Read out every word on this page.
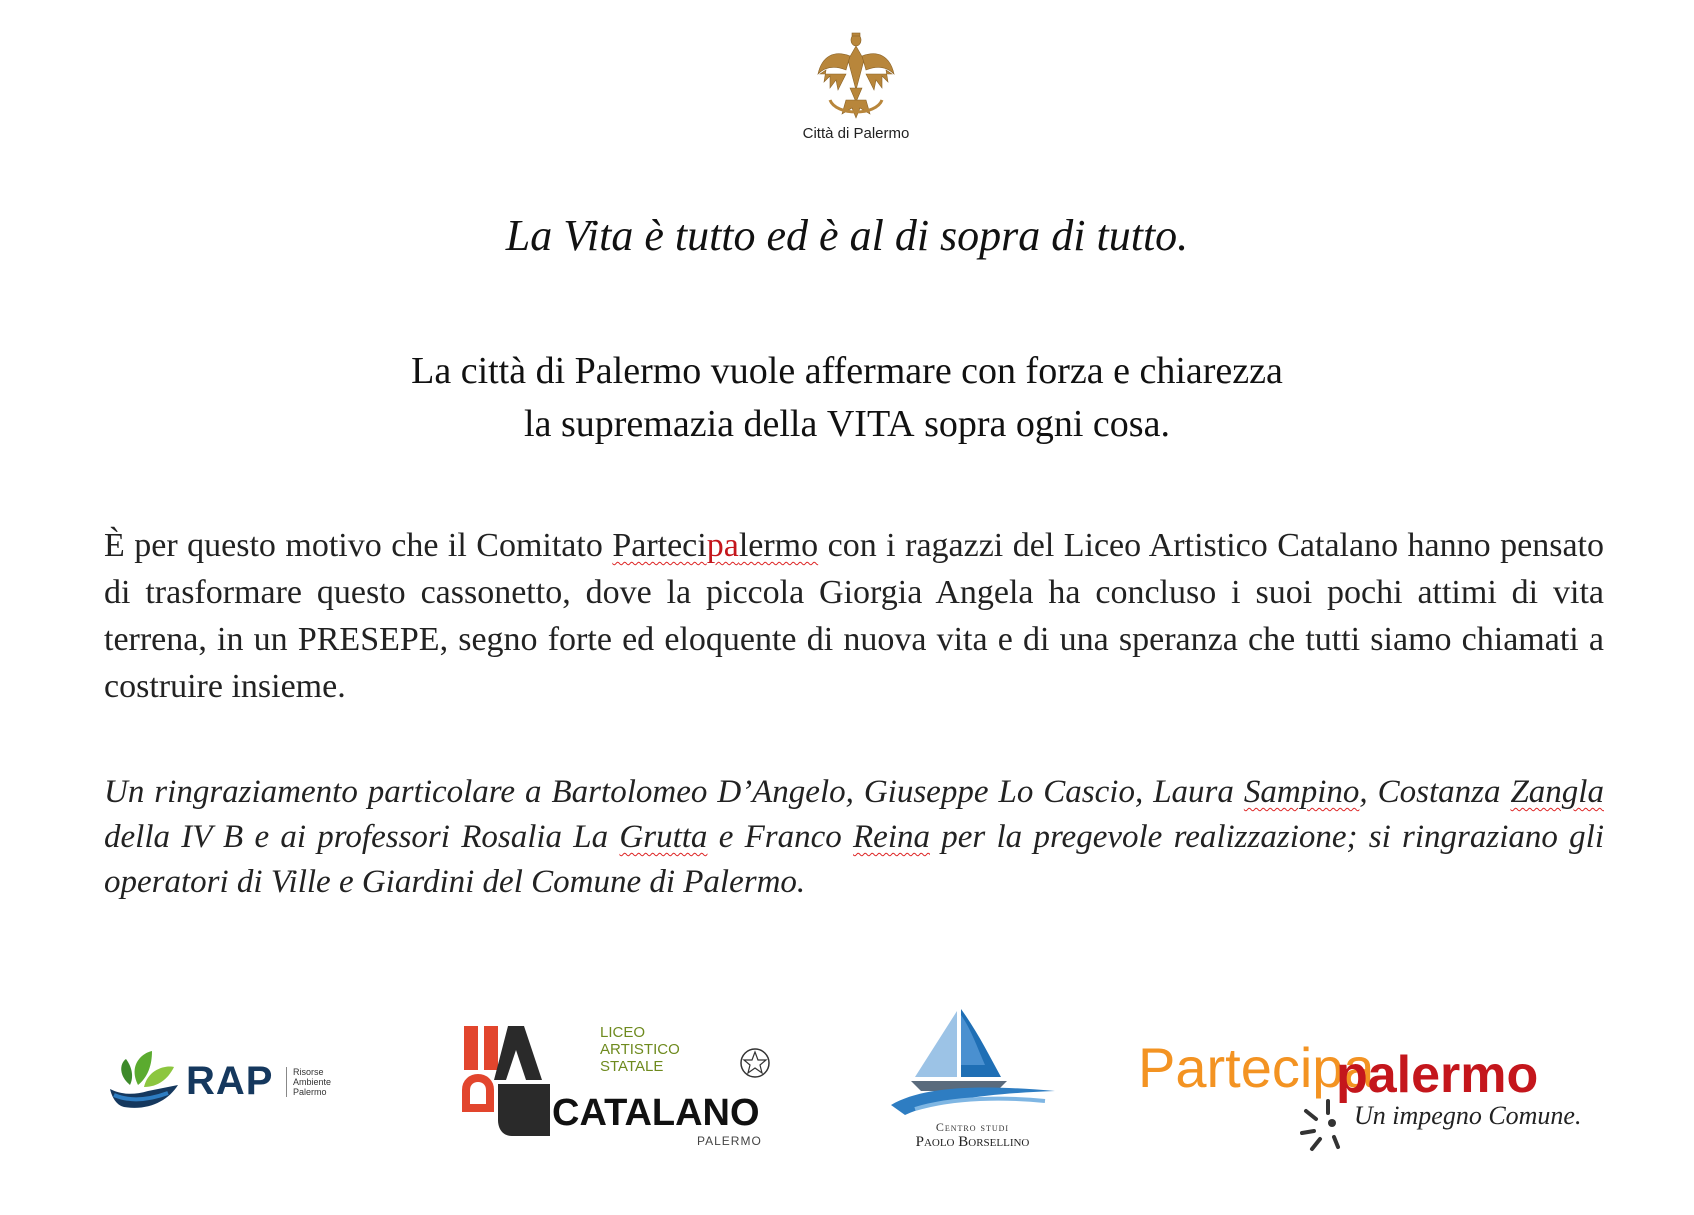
Città di Palermo
La Vita è tutto ed è al di sopra di tutto.
La città di Palermo vuole affermare con forza e chiarezza
la supremazia della VITA sopra ogni cosa.

È per questo motivo che il Comitato Partecipalermo con i ragazzi del Liceo Artistico Catalano hanno pensato di trasformare questo cassonetto, dove la piccola Giorgia Angela ha concluso i suoi pochi attimi di vita terrena, in un PRESEPE, segno forte ed eloquente di nuova vita e di una speranza che tutti siamo chiamati a costruire insieme.

Un ringraziamento particolare a Bartolomeo D’Angelo, Giuseppe Lo Cascio, Laura Sampino, Costanza Zangla della IV B e ai professori Rosalia La Grutta e Franco Reina per la pregevole realizzazione; si ringraziano gli operatori di Ville e Giardini del Comune di Palermo.

RAP	Risorse Ambiente Palermo
LICEO ARTISTICO STATALE
CATALANO
PALERMO
Centro studi
Paolo Borsellino
Partecipa
palermo
Un impegno Comune.
